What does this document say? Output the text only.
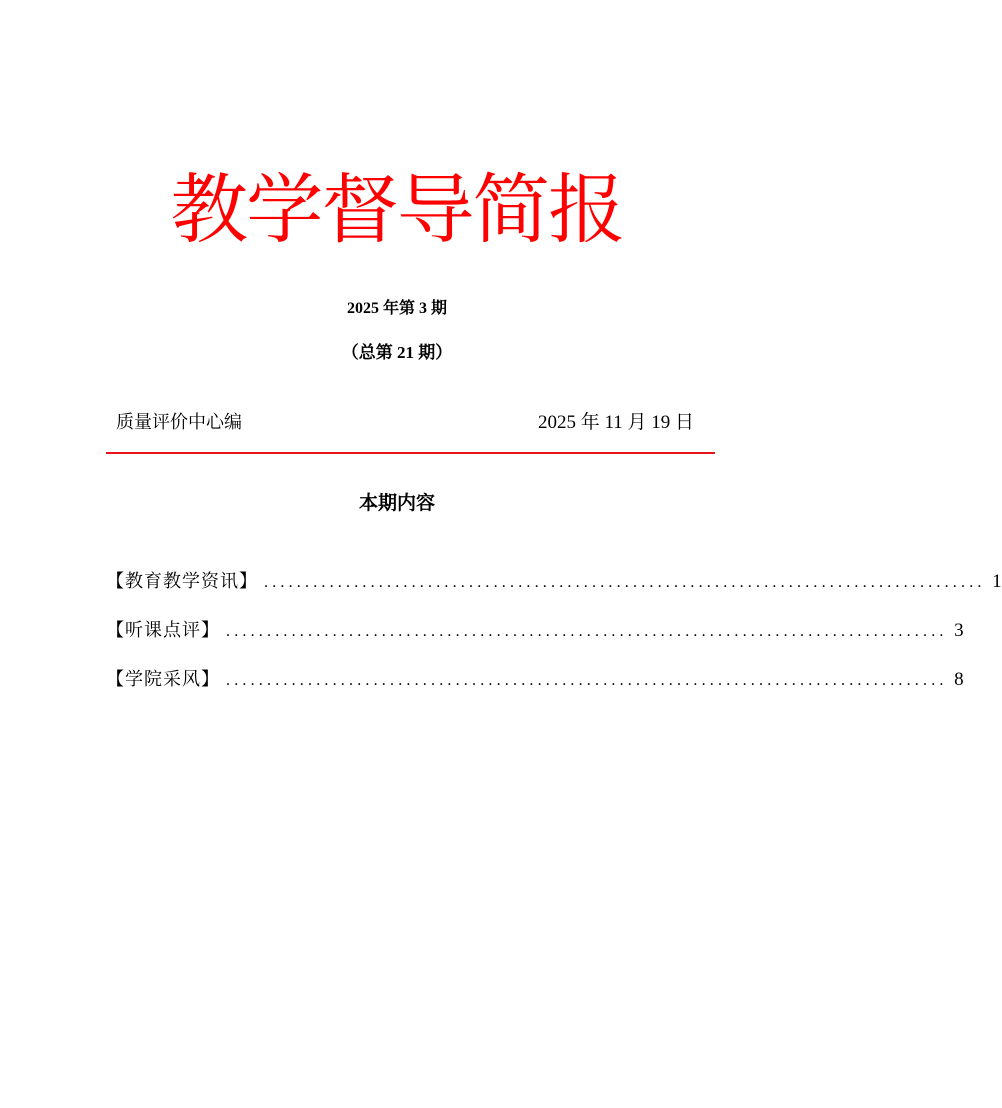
教学督导简报
2025 年第 3 期
（总第 21 期）
质量评价中心编	2025 年 11 月 19 日
本期内容
【教育教学资讯】 ........................................................................................ 1
【听课点评】 ........................................................................................ 3
【学院采风】 ........................................................................................ 8
